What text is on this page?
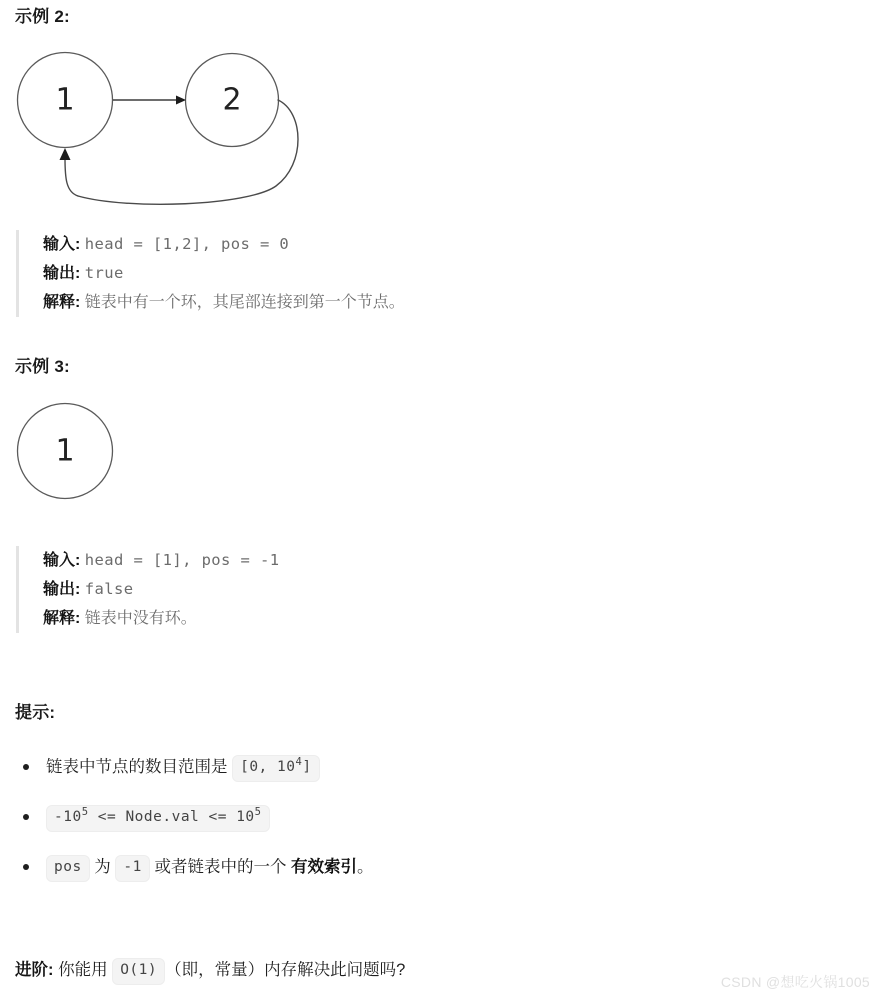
示例 2:
1	2
输入: head = [1,2], pos = 0
输出: true
解释: 链表中有一个环，其尾部连接到第一个节点。
示例 3:
1
输入: head = [1], pos = -1
输出: false
解释: 链表中没有环。
提示:
链表中节点的数目范围是 [0, $10^4$]
$-10^5$ <= Node.val <= $10^5$
pos 为 -1 或者链表中的一个 有效索引。
进阶: 你能用 O(1) （即，常量）内存解决此问题吗?
CSDN @想吃火锅1005
